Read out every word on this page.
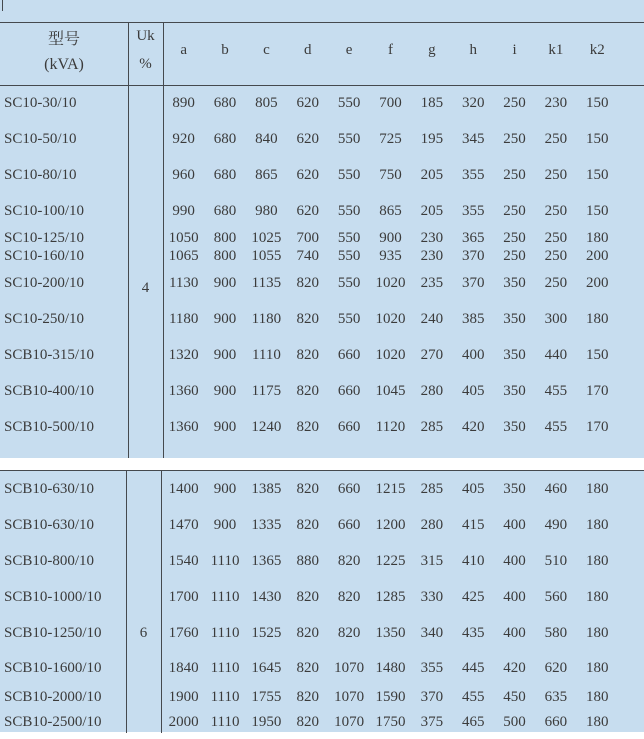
型号
(kVA)
Uk
%
a	b	c	d	e	f	g	h	i	k1	k2
SC10-30/10	890	680	805	620	550	700	185	320	250	230	150
SC10-50/10	920	680	840	620	550	725	195	345	250	250	150
SC10-80/10	960	680	865	620	550	750	205	355	250	250	150
SC10-100/10	990	680	980	620	550	865	205	355	250	250	150
SC10-125/10	1050	800	1025	700	550	900	230	365	250	250	180
SC10-160/10	1065	800	1055	740	550	935	230	370	250	250	200
SC10-200/10	1130	900	1135	820	550	1020	235	370	350	250	200
SC10-250/10	1180	900	1180	820	550	1020	240	385	350	300	180
SCB10-315/10	1320	900	1110	820	660	1020	270	400	350	440	150
SCB10-400/10	1360	900	1175	820	660	1045	280	405	350	455	170
SCB10-500/10	1360	900	1240	820	660	1120	285	420	350	455	170
4
SCB10-630/10	1400	900	1385	820	660	1215	285	405	350	460	180
SCB10-630/10	1470	900	1335	820	660	1200	280	415	400	490	180
SCB10-800/10	1540 1110 1365	880	820	1225	315	410	400	510	180
SCB10-1000/10	1700 1110 1430	820	820	1285	330	425	400	560	180
SCB10-1250/10	1760 1110 1525	820	820	1350	340	435	400	580	180
SCB10-1600/10	1840 1110 1645	820	1070 1480	355	445	420	620	180
SCB10-2000/10	1900 1110 1755	820	1070 1590	370	455	450	635	180
SCB10-2500/10	2000 1110 1950	820	1070 1750	375	465	500	660	180
6
